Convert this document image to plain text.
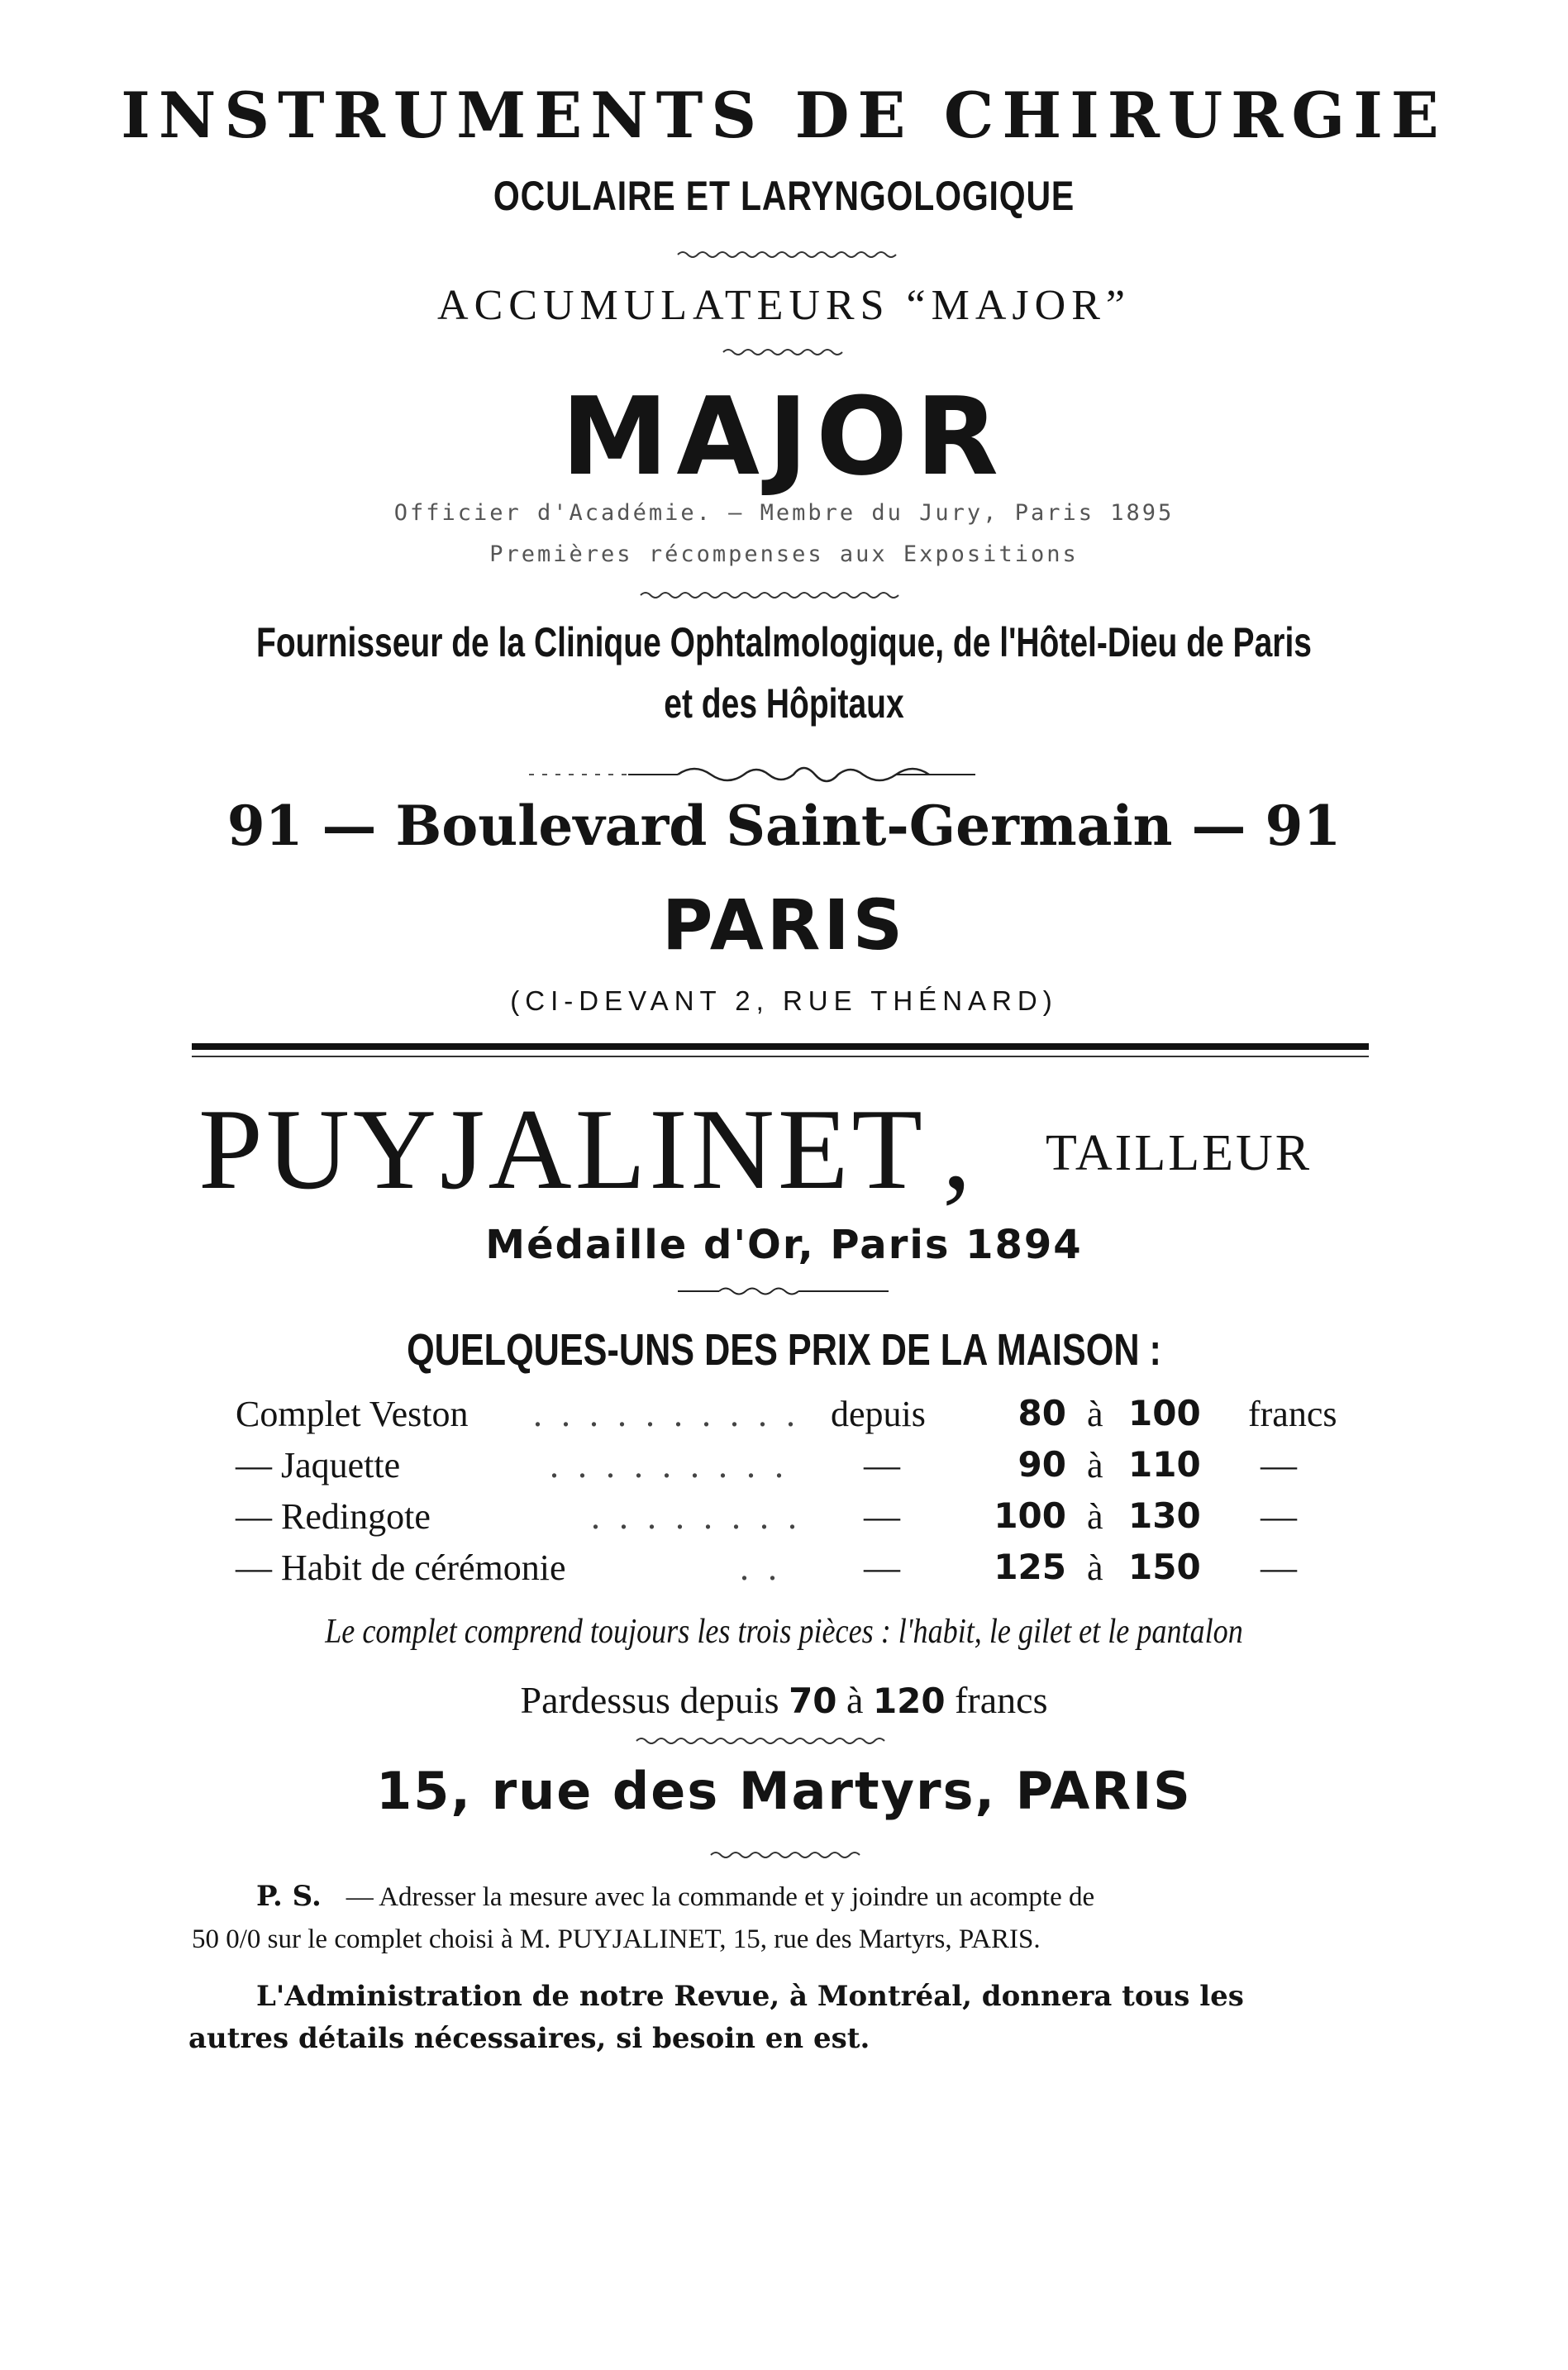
INSTRUMENTS DE CHIRURGIE
OCULAIRE ET LARYNGOLOGIQUE
ACCUMULATEURS “MAJOR”
MAJOR
Officier d'Académie. — Membre du Jury, Paris 1895
Premières récompenses aux Expositions
Fournisseur de la Clinique Ophtalmologique, de l'Hôtel-Dieu de Paris
et des Hôpitaux
91 — Boulevard Saint-Germain — 91
PARIS
(CI-DEVANT 2, RUE THÉNARD)
PUYJALINET , TAILLEUR
Médaille d'Or, Paris 1894
QUELQUES-UNS DES PRIX DE LA MAISON :
Complet Veston . . . . . . . . . . depuis	80 à 100	francs
— Jaquette	. . . . . . . . . —	90 à 110	—
— Redingote	. . . . . . . . —	100 à 130	—
— Habit de cérémonie	. . —	125 à 150	—
Le complet comprend toujours les trois pièces : l'habit, le gilet et le pantalon
Pardessus depuis 70 à 120 francs
15, rue des Martyrs, PARIS
P. S. — Adresser la mesure avec la commande et y joindre un acompte de
50 0/0 sur le complet choisi à M. PUYJALINET, 15, rue des Martyrs, PARIS.
L'Administration de notre Revue, à Montréal, donnera tous les
autres détails nécessaires, si besoin en est.
